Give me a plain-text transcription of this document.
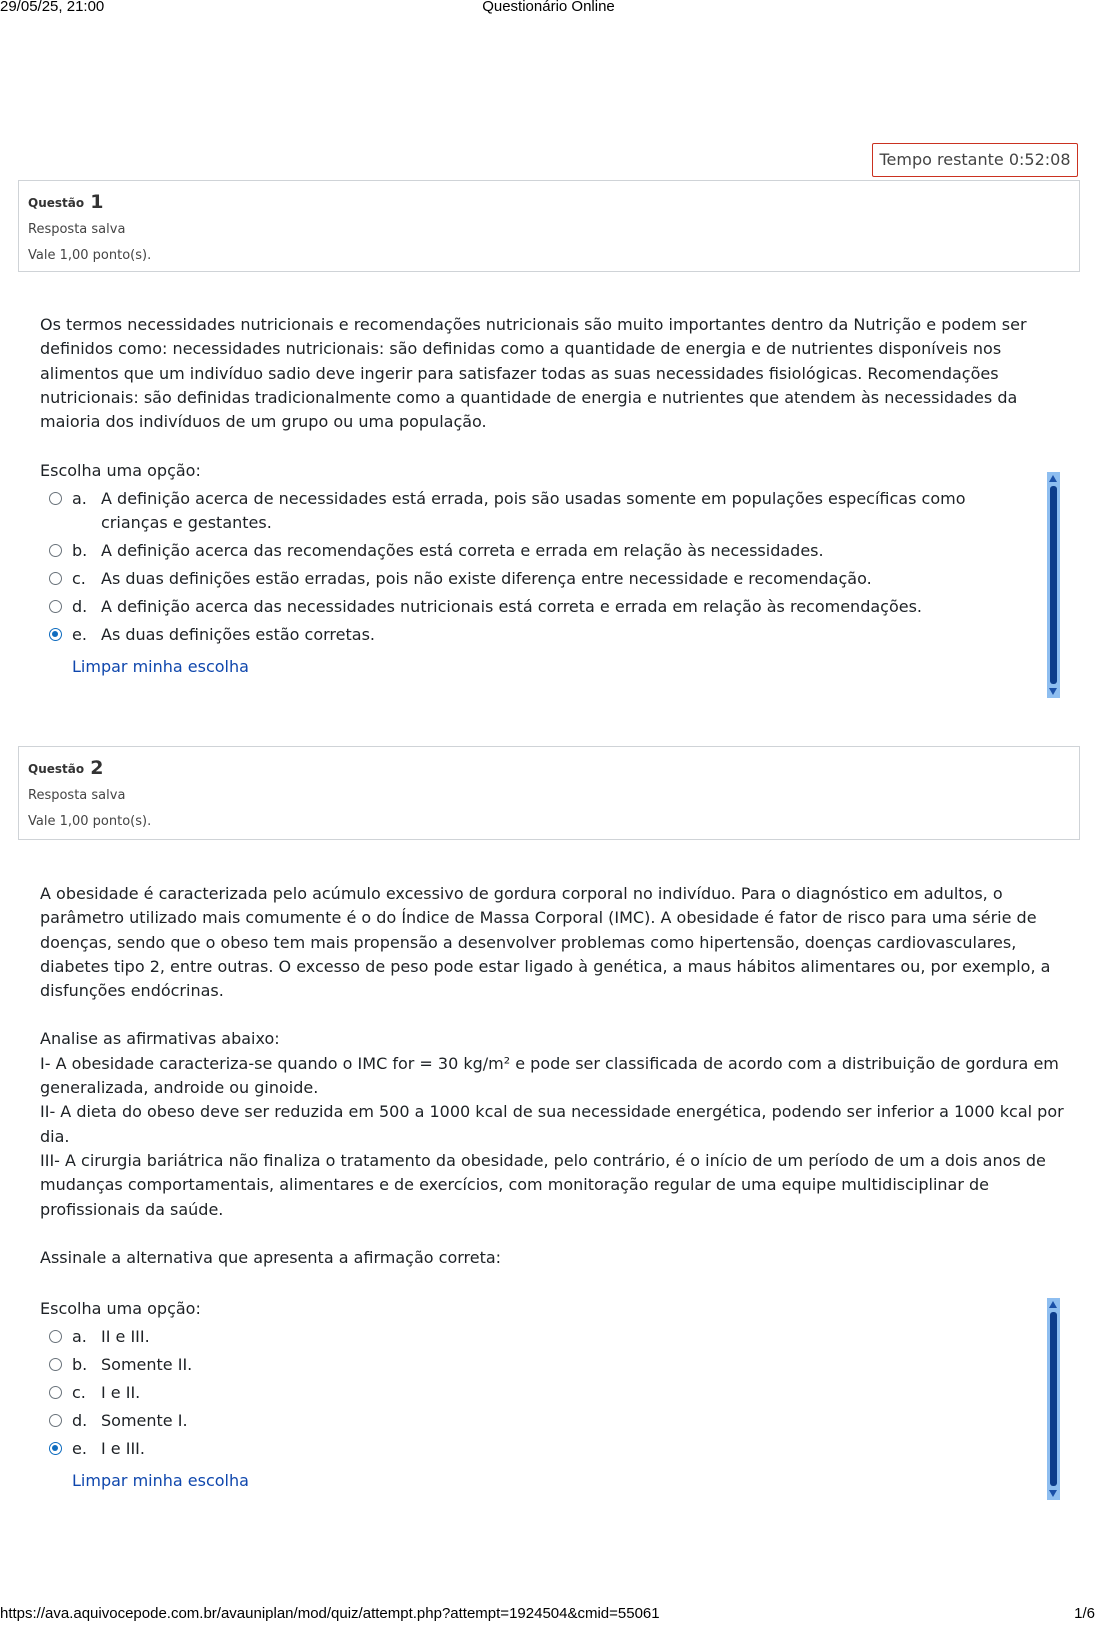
29/05/25, 21:00	Questionário Online
Tempo restante 0:52:08
Questão 1
Resposta salva
Vale 1,00 ponto(s).

Os termos necessidades nutricionais e recomendações nutricionais são muito importantes dentro da Nutrição e podem ser definidos como: necessidades nutricionais: são definidas como a quantidade de energia e de nutrientes disponíveis nos alimentos que um indivíduo sadio deve ingerir para satisfazer todas as suas necessidades fisiológicas. Recomendações nutricionais: são definidas tradicionalmente como a quantidade de energia e nutrientes que atendem às necessidades da maioria dos indivíduos de um grupo ou uma população.

Escolha uma opção:

a. A definição acerca de necessidades está errada, pois são usadas somente em populações específicas como crianças e gestantes.
b. A definição acerca das recomendações está correta e errada em relação às necessidades.
c. As duas definições estão erradas, pois não existe diferença entre necessidade e recomendação.
d. A definição acerca das necessidades nutricionais está correta e errada em relação às recomendações.
e. As duas definições estão corretas.
Limpar minha escolha
Questão 2
Resposta salva
Vale 1,00 ponto(s).

A obesidade é caracterizada pelo acúmulo excessivo de gordura corporal no indivíduo. Para o diagnóstico em adultos, o parâmetro utilizado mais comumente é o do Índice de Massa Corporal (IMC). A obesidade é fator de risco para uma série de doenças, sendo que o obeso tem mais propensão a desenvolver problemas como hipertensão, doenças cardiovasculares, diabetes tipo 2, entre outras. O excesso de peso pode estar ligado à genética, a maus hábitos alimentares ou, por exemplo, a disfunções endócrinas.

Analise as afirmativas abaixo:

I- A obesidade caracteriza-se quando o IMC for = 30 kg/m² e pode ser classificada de acordo com a distribuição de gordura em generalizada, androide ou ginoide.

II- A dieta do obeso deve ser reduzida em 500 a 1000 kcal de sua necessidade energética, podendo ser inferior a 1000 kcal por dia.

III- A cirurgia bariátrica não finaliza o tratamento da obesidade, pelo contrário, é o início de um período de um a dois anos de mudanças comportamentais, alimentares e de exercícios, com monitoração regular de uma equipe multidisciplinar de profissionais da saúde.

Assinale a alternativa que apresenta a afirmação correta:

Escolha uma opção:

a. II e III.
b. Somente II.
c. I e II.
d. Somente I.
e. I e III.
Limpar minha escolha
https://ava.aquivocepode.com.br/avauniplan/mod/quiz/attempt.php?attempt=1924504&cmid=55061	1/6
